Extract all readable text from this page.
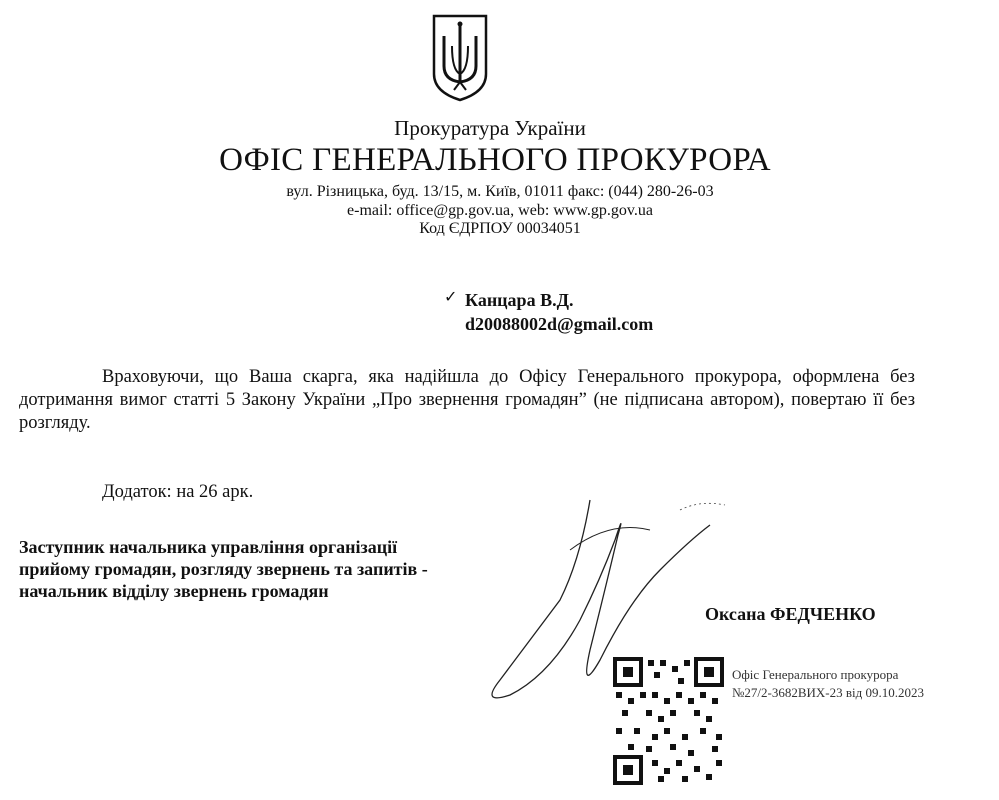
Прокуратура України
ОФІС ГЕНЕРАЛЬНОГО ПРОКУРОРА
вул. Різницька, буд. 13/15, м. Київ, 01011 факс: (044) 280-26-03
e-mail: office@gp.gov.ua, web: www.gp.gov.ua
Код ЄДРПОУ 00034051
✓ Канцара В.Д.
d20088002d@gmail.com
Враховуючи, що Ваша скарга, яка надійшла до Офісу Генерального прокурора, оформлена без дотримання вимог статті 5 Закону України „Про звернення громадян” (не підписана автором), повертаю її без розгляду.
Додаток: на 26 арк.
Заступник начальника управління організації прийому громадян, розгляду звернень та запитів - начальник відділу звернень громадян
Оксана ФЕДЧЕНКО
Офіс Генерального прокурора
№27/2-3682ВИХ-23 від 09.10.2023
